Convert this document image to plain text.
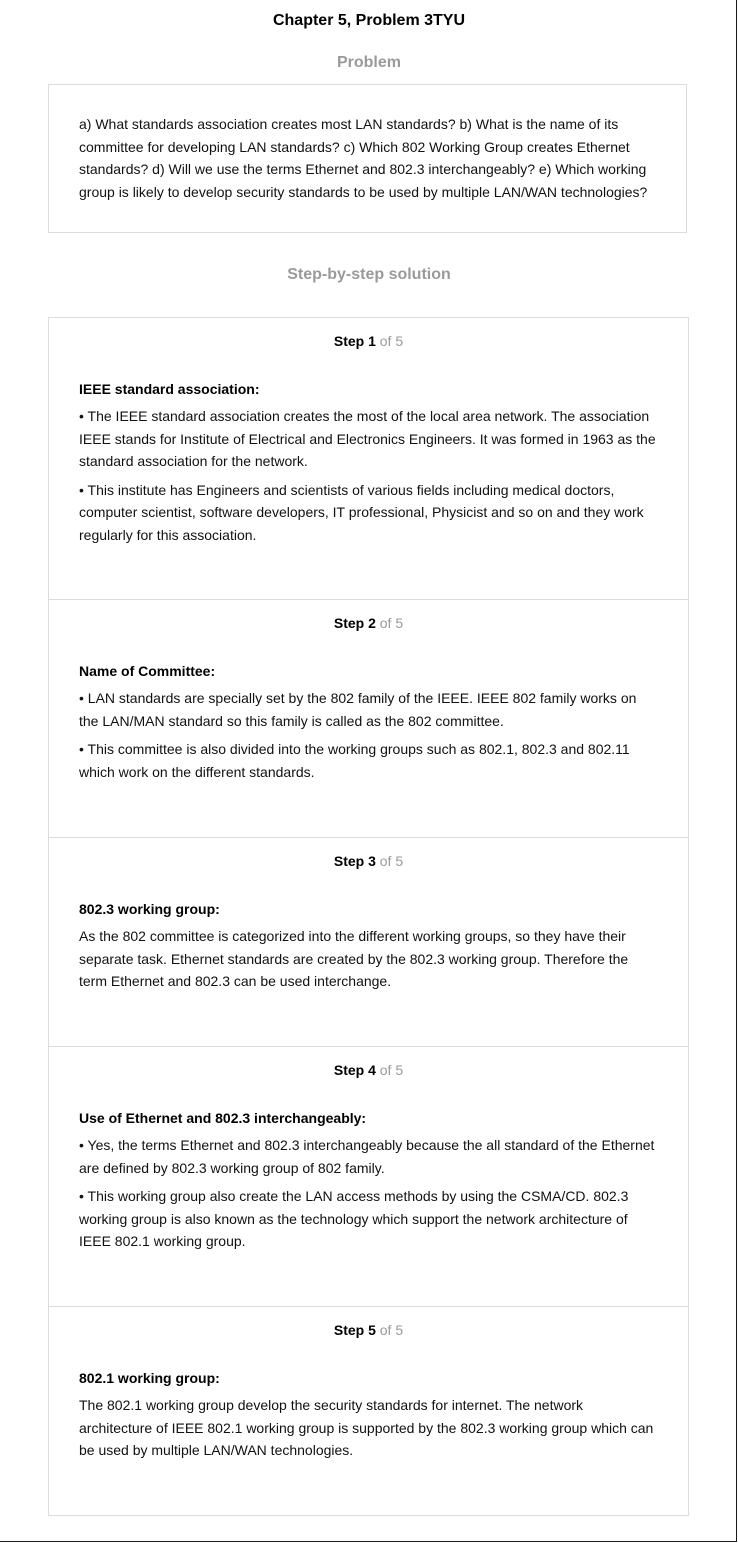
Chapter 5, Problem 3TYU
Problem
a) What standards association creates most LAN standards? b) What is the name of its committee for developing LAN standards? c) Which 802 Working Group creates Ethernet standards? d) Will we use the terms Ethernet and 802.3 interchangeably? e) Which working group is likely to develop security standards to be used by multiple LAN/WAN technologies?
Step-by-step solution
Step 1 of 5
IEEE standard association:
• The IEEE standard association creates the most of the local area network. The association IEEE stands for Institute of Electrical and Electronics Engineers. It was formed in 1963 as the standard association for the network.
• This institute has Engineers and scientists of various fields including medical doctors, computer scientist, software developers, IT professional, Physicist and so on and they work regularly for this association.
Step 2 of 5
Name of Committee:
• LAN standards are specially set by the 802 family of the IEEE. IEEE 802 family works on the LAN/MAN standard so this family is called as the 802 committee.
• This committee is also divided into the working groups such as 802.1, 802.3 and 802.11 which work on the different standards.
Step 3 of 5
802.3 working group:
As the 802 committee is categorized into the different working groups, so they have their separate task. Ethernet standards are created by the 802.3 working group. Therefore the term Ethernet and 802.3 can be used interchange.
Step 4 of 5
Use of Ethernet and 802.3 interchangeably:
• Yes, the terms Ethernet and 802.3 interchangeably because the all standard of the Ethernet are defined by 802.3 working group of 802 family.
• This working group also create the LAN access methods by using the CSMA/CD. 802.3 working group is also known as the technology which support the network architecture of IEEE 802.1 working group.
Step 5 of 5
802.1 working group:
The 802.1 working group develop the security standards for internet. The network architecture of IEEE 802.1 working group is supported by the 802.3 working group which can be used by multiple LAN/WAN technologies.
